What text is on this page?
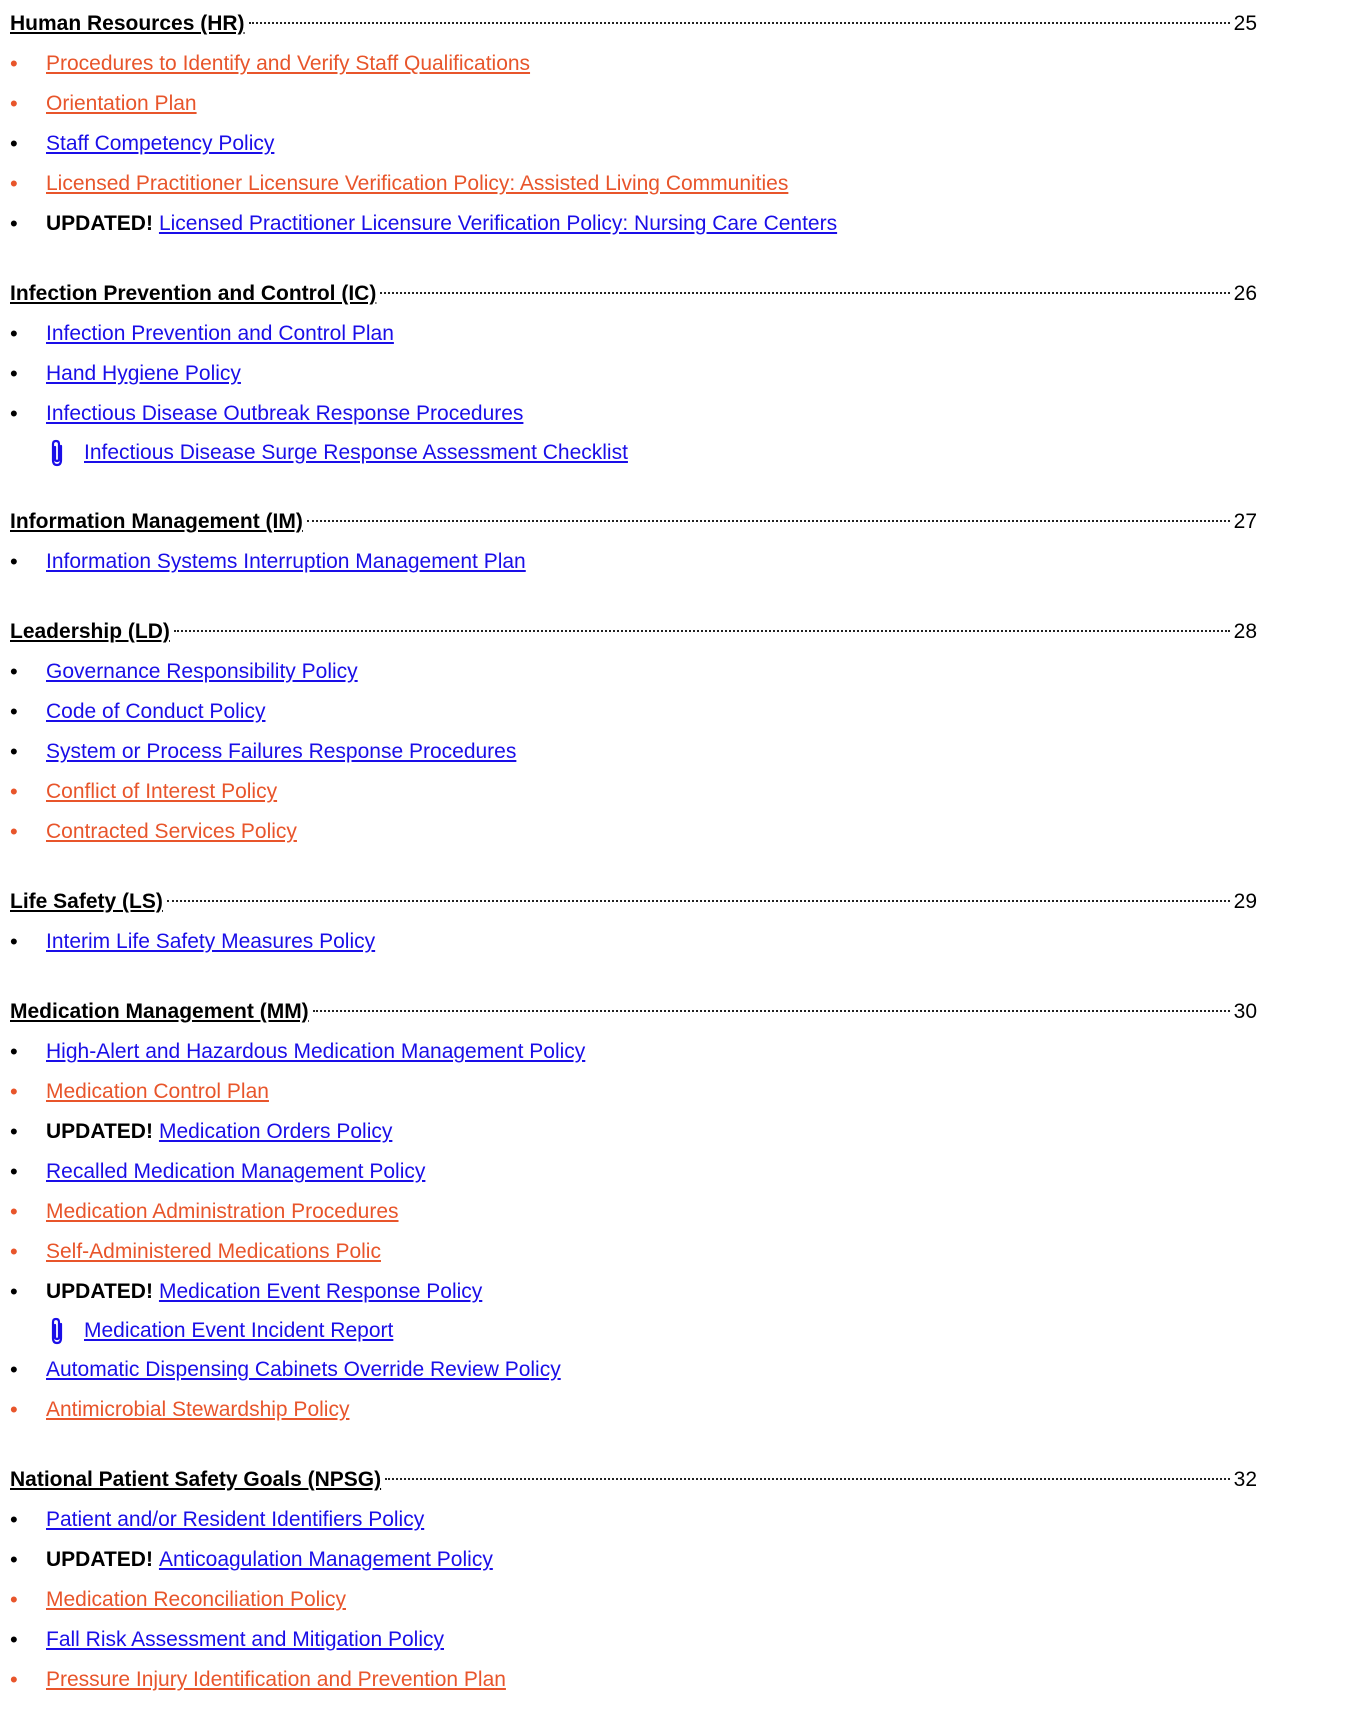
Human Resources (HR)	25
•	Procedures to Identify and Verify Staff Qualifications
•	Orientation Plan
•	Staff Competency Policy
•	Licensed Practitioner Licensure Verification Policy: Assisted Living Communities
•	UPDATED! Licensed Practitioner Licensure Verification Policy: Nursing Care Centers
Infection Prevention and Control (IC)	26
•	Infection Prevention and Control Plan
•	Hand Hygiene Policy
•	Infectious Disease Outbreak Response Procedures
Infectious Disease Surge Response Assessment Checklist
Information Management (IM)	27
•	Information Systems Interruption Management Plan
Leadership (LD)	28
•	Governance Responsibility Policy
•	Code of Conduct Policy
•	System or Process Failures Response Procedures
•	Conflict of Interest Policy
•	Contracted Services Policy
Life Safety (LS)	29
•	Interim Life Safety Measures Policy
Medication Management (MM)	30
•	High-Alert and Hazardous Medication Management Policy
•	Medication Control Plan
•	UPDATED! Medication Orders Policy
•	Recalled Medication Management Policy
•	Medication Administration Procedures
•	Self-Administered Medications Polic
•	UPDATED! Medication Event Response Policy
Medication Event Incident Report
•	Automatic Dispensing Cabinets Override Review Policy
•	Antimicrobial Stewardship Policy
National Patient Safety Goals (NPSG)	32
•	Patient and/or Resident Identifiers Policy
•	UPDATED! Anticoagulation Management Policy
•	Medication Reconciliation Policy
•	Fall Risk Assessment and Mitigation Policy
•	Pressure Injury Identification and Prevention Plan
